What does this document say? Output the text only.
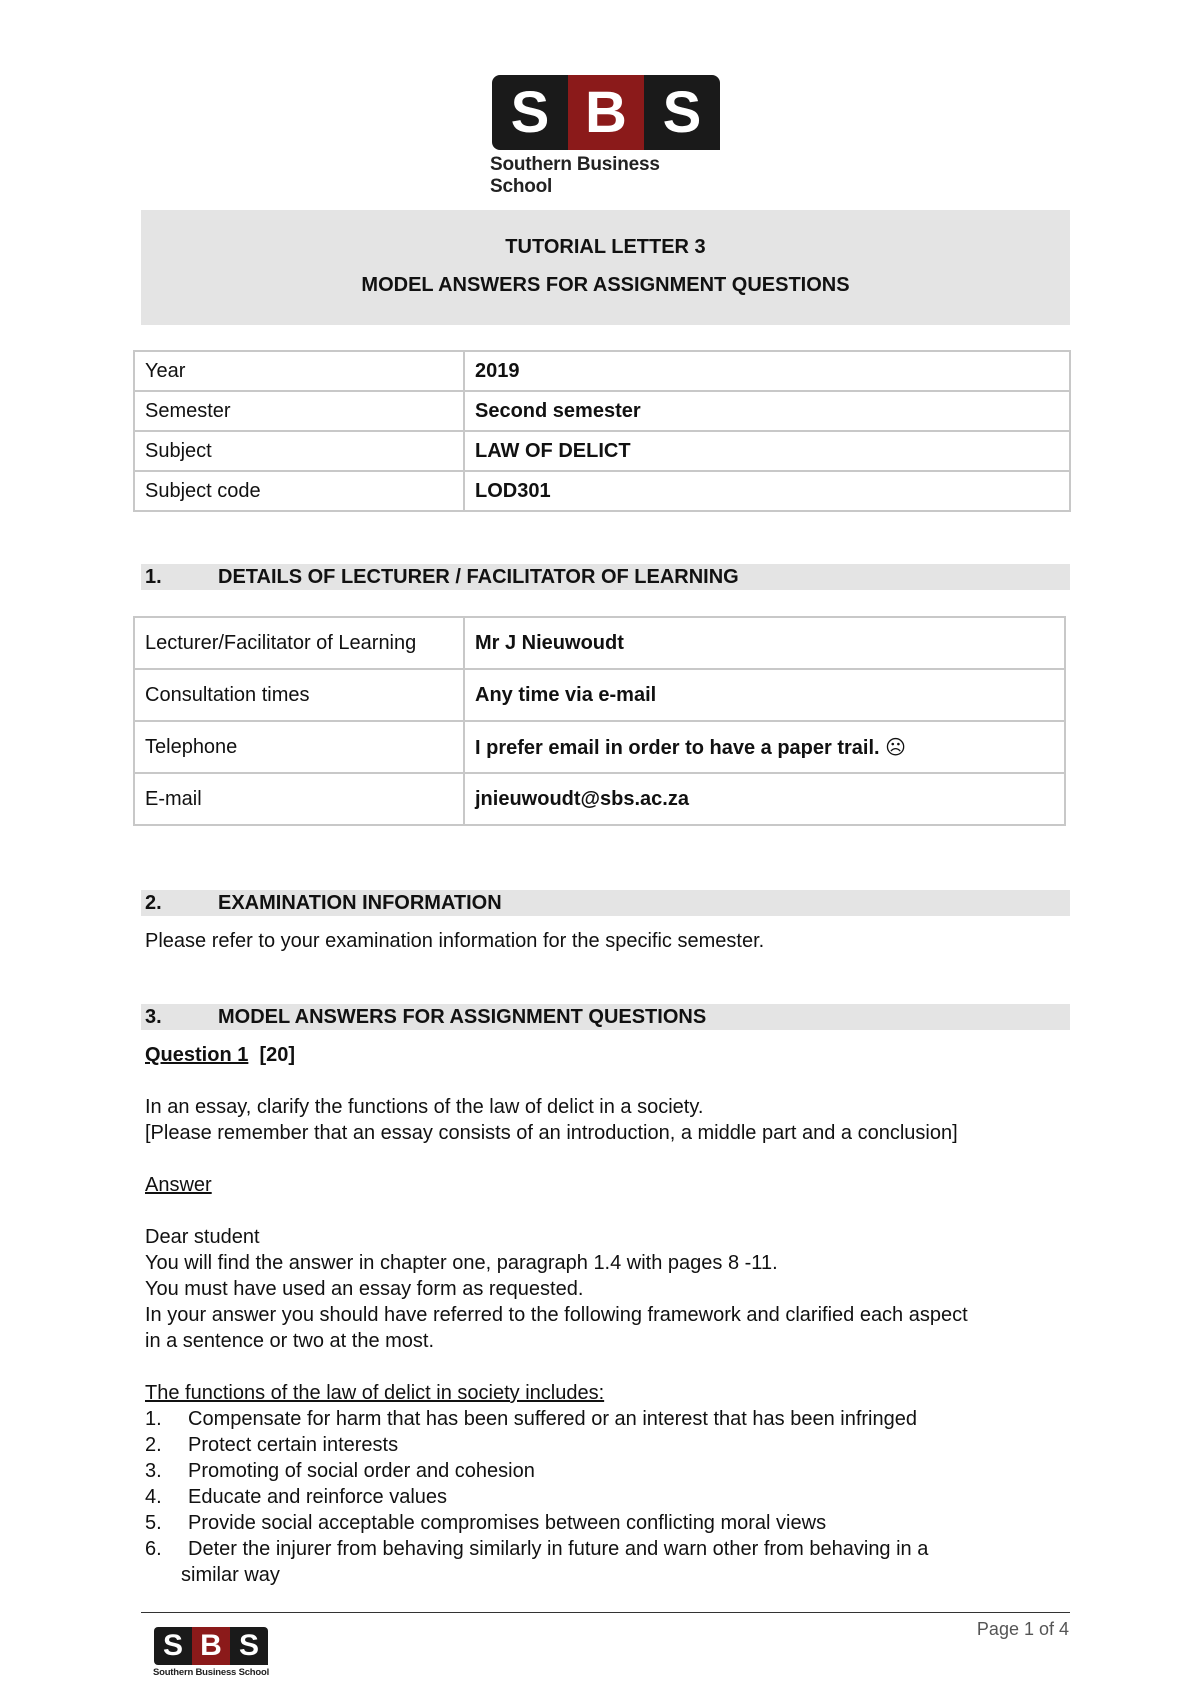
S B S
Southern Business School
TUTORIAL LETTER 3
MODEL ANSWERS FOR ASSIGNMENT QUESTIONS
Year	2019
Semester	Second semester
Subject	LAW OF DELICT
Subject code	LOD301
1.	DETAILS OF LECTURER / FACILITATOR OF LEARNING
Lecturer/Facilitator of Learning	Mr J Nieuwoudt
Consultation times	Any time via e-mail
Telephone	I prefer email in order to have a paper trail. ☹
E-mail	jnieuwoudt@sbs.ac.za
2.	EXAMINATION INFORMATION
Please refer to your examination information for the specific semester.
3.	MODEL ANSWERS FOR ASSIGNMENT QUESTIONS
Question 1 [20]
In an essay, clarify the functions of the law of delict in a society.
[Please remember that an essay consists of an introduction, a middle part and a conclusion]
Answer
Dear student
You will find the answer in chapter one, paragraph 1.4 with pages 8 -11.
You must have used an essay form as requested.
In your answer you should have referred to the following framework and clarified each aspect
in a sentence or two at the most.
The functions of the law of delict in society includes:
1. Compensate for harm that has been suffered or an interest that has been infringed
2. Protect certain interests
3. Promoting of social order and cohesion
4. Educate and reinforce values
5. Provide social acceptable compromises between conflicting moral views
6. Deter the injurer from behaving similarly in future and warn other from behaving in a
similar way
Page 1 of 4
S B S
Southern Business School
